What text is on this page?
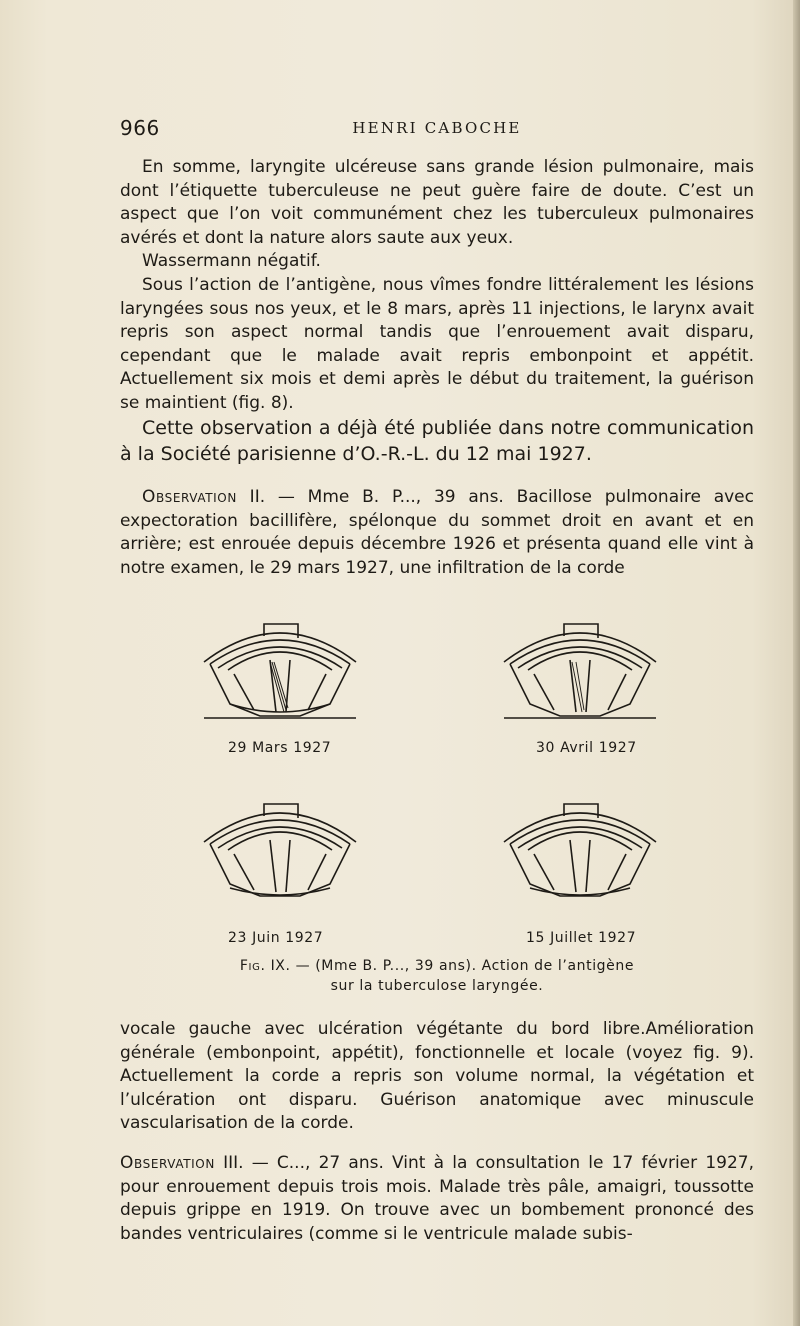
966	HENRI CABOCHE
En somme, laryngite ulcéreuse sans grande lésion pulmonaire, mais dont l’étiquette tuberculeuse ne peut guère faire de doute. C’est un aspect que l’on voit communément chez les tuberculeux pulmonaires avérés et dont la nature alors saute aux yeux.
Wassermann négatif.
Sous l’action de l’antigène, nous vîmes fondre littéralement les lésions laryngées sous nos yeux, et le 8 mars, après 11 injections, le larynx avait repris son aspect normal tandis que l’enrouement avait disparu, cependant que le malade avait repris embonpoint et appétit. Actuellement six mois et demi après le début du traitement, la guérison se maintient (fig. 8).
Cette observation a déjà été publiée dans notre communication à la Société parisienne d’O.-R.-L. du 12 mai 1927.
Observation II. — Mme B. P..., 39 ans. Bacillose pulmonaire avec expectoration bacillifère, spélonque du sommet droit en avant et en arrière; est enrouée depuis décembre 1926 et présenta quand elle vint à notre examen, le 29 mars 1927, une infiltration de la corde
29 Mars 1927	30 Avril 1927
23 Juin 1927	15 Juillet 1927
Fig. IX. — (Mme B. P..., 39 ans). Action de l’antigène
sur la tuberculose laryngée.
vocale gauche avec ulcération végétante du bord libre.Amélioration générale (embonpoint, appétit), fonctionnelle et locale (voyez fig. 9). Actuellement la corde a repris son volume normal, la végétation et l’ulcération ont disparu. Guérison anatomique avec minuscule vascularisation de la corde.
Observation III. — C..., 27 ans. Vint à la consultation le 17 février 1927, pour enrouement depuis trois mois. Malade très pâle, amaigri, toussotte depuis grippe en 1919. On trouve avec un bombement prononcé des bandes ventriculaires (comme si le ventricule malade subis-
